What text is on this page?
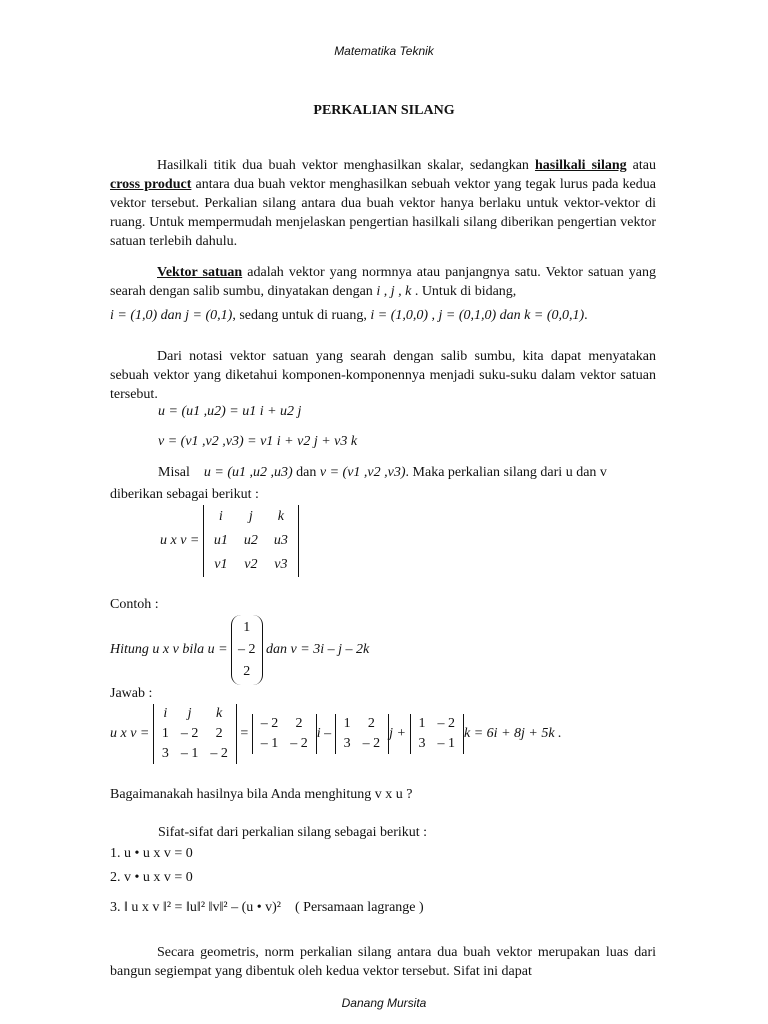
Matematika Teknik
PERKALIAN SILANG
Hasilkali titik dua buah vektor menghasilkan skalar, sedangkan hasilkali silang atau cross product antara dua buah vektor menghasilkan sebuah vektor yang tegak lurus pada kedua vektor tersebut. Perkalian silang antara dua buah vektor hanya berlaku untuk vektor-vektor di ruang. Untuk mempermudah menjelaskan pengertian hasilkali silang diberikan pengertian vektor satuan terlebih dahulu.
Vektor satuan adalah vektor yang normnya atau panjangnya satu. Vektor satuan yang searah dengan salib sumbu, dinyatakan dengan i , j , k . Untuk di bidang,
i = (1,0) dan j = (0,1), sedang untuk di ruang, i = (1,0,0) , j = (0,1,0) dan k = (0,0,1).
Dari notasi vektor satuan yang searah dengan salib sumbu, kita dapat menyatakan sebuah vektor yang diketahui komponen-komponennya menjadi suku-suku dalam vektor satuan tersebut.
u = (u1 ,u2) = u1 i + u2 j
v = (v1 ,v2 ,v3) = v1 i + v2 j + v3 k
Misal u = (u1 ,u2 ,u3) dan v = (v1 ,v2 ,v3). Maka perkalian silang dari u dan v
diberikan sebagai berikut :
u x v =
i	j	k
u1	u2	u3
v1	v2	v3
Contoh :
Hitung u x v bila u =
1
– 2
2
dan v = 3i – j – 2k
Jawab :
u x v =
i	j	k
1	– 2	2
3	– 1	– 2
=
– 2	2
– 1	– 2
i –
1	2
3	– 2
j +
1	– 2
3	– 1
k = 6i + 8j + 5k .
Bagaimanakah hasilnya bila Anda menghitung v x u ?
Sifat-sifat dari perkalian silang sebagai berikut :
1. u • u x v = 0
2. v • u x v = 0
3. ‖ u x v ‖² = ‖u‖² ‖v‖² – (u • v)² ( Persamaan lagrange )
Secara geometris, norm perkalian silang antara dua buah vektor merupakan luas dari bangun segiempat yang dibentuk oleh kedua vektor tersebut. Sifat ini dapat
Danang Mursita
